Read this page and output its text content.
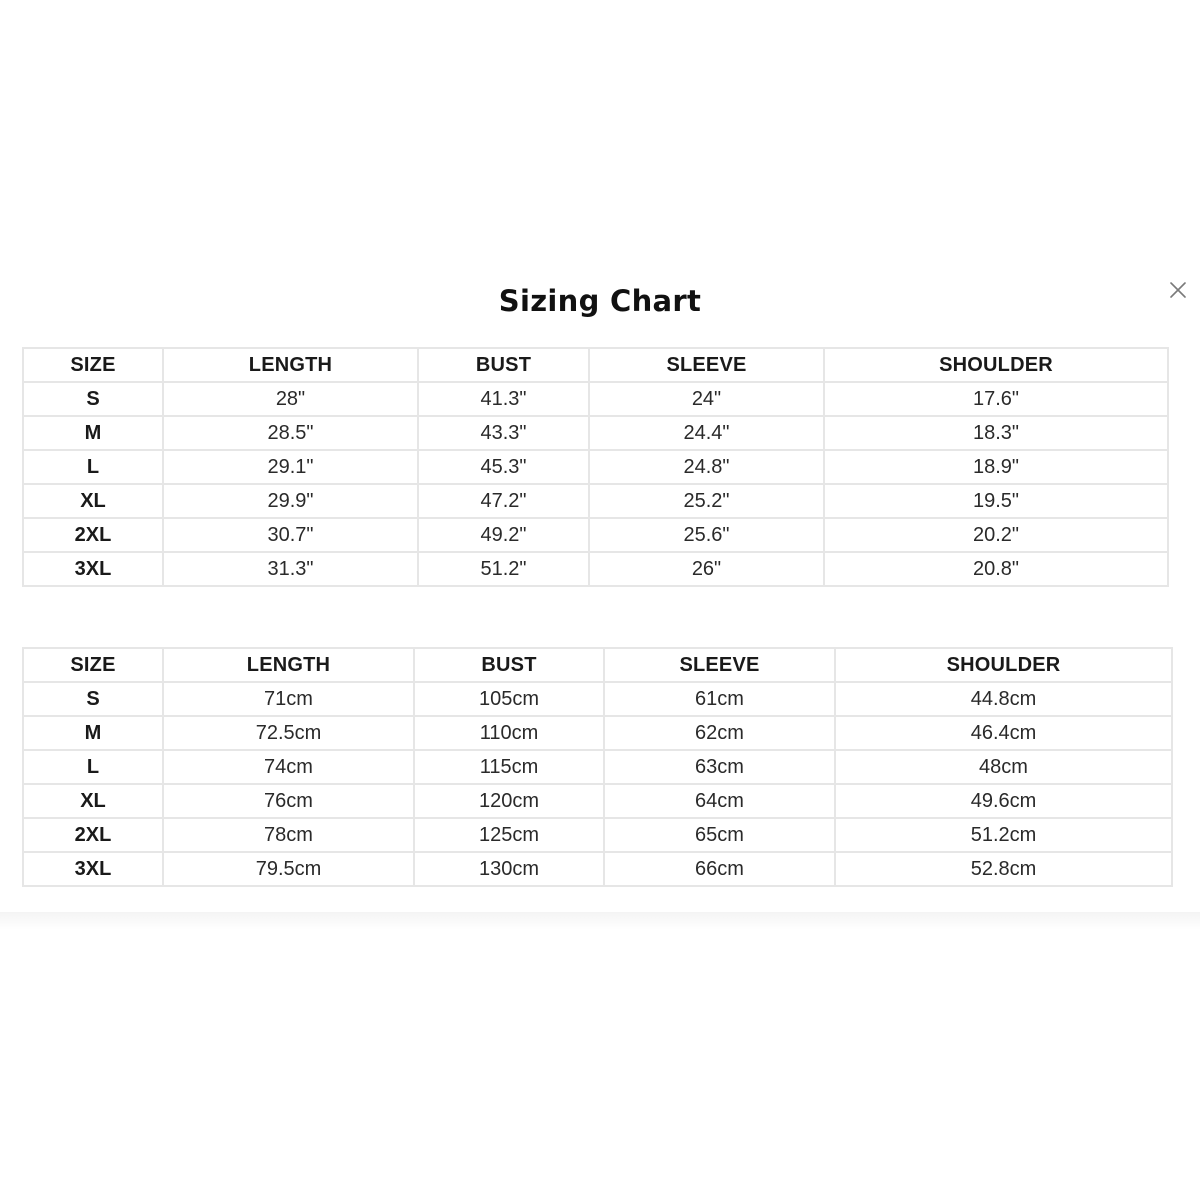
Sizing Chart
SIZE	LENGTH	BUST	SLEEVE	SHOULDER
S	28"	41.3"	24"	17.6"
M	28.5"	43.3"	24.4"	18.3"
L	29.1"	45.3"	24.8"	18.9"
XL	29.9"	47.2"	25.2"	19.5"
2XL	30.7"	49.2"	25.6"	20.2"
3XL	31.3"	51.2"	26"	20.8"
SIZE	LENGTH	BUST	SLEEVE	SHOULDER
S	71cm	105cm	61cm	44.8cm
M	72.5cm	110cm	62cm	46.4cm
L	74cm	115cm	63cm	48cm
XL	76cm	120cm	64cm	49.6cm
2XL	78cm	125cm	65cm	51.2cm
3XL	79.5cm	130cm	66cm	52.8cm
